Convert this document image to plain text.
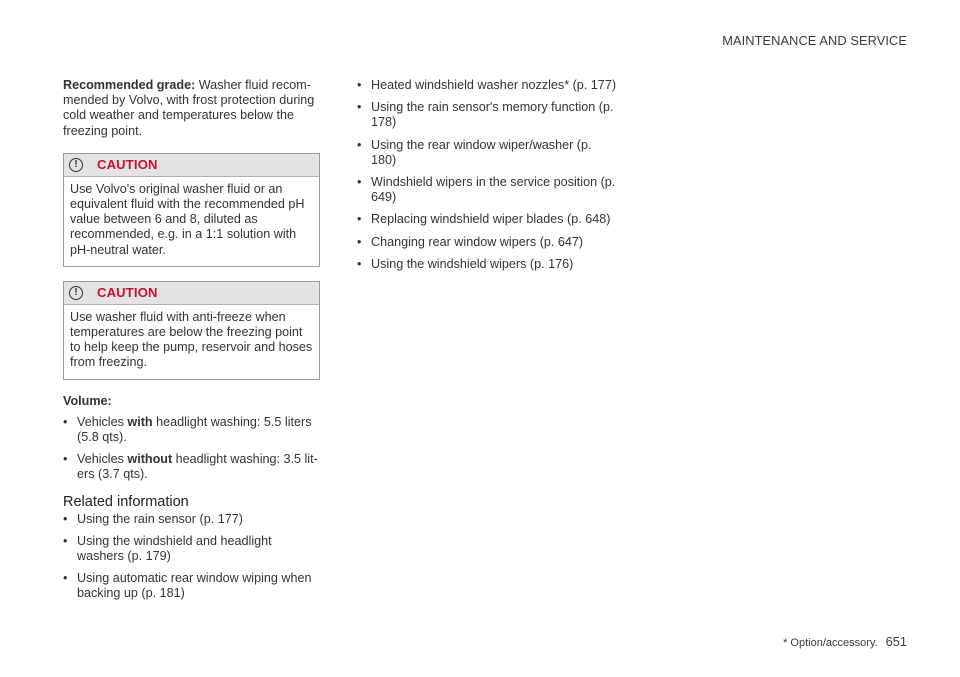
MAINTENANCE AND SERVICE

Recommended grade: Washer fluid recommended by Volvo, with frost protection during cold weather and temperatures below the freezing point.

!	CAUTION
Use Volvo's original washer fluid or an equivalent fluid with the recommended pH value between 6 and 8, diluted as recommended, e.g. in a 1:1 solution with pH-neutral water.
!	CAUTION
Use washer fluid with anti-freeze when temperatures are below the freezing point to help keep the pump, reservoir and hoses from freezing.

Volume:

• Vehicles with headlight washing: 5.5 liters (5.8 qts).
• Vehicles without headlight washing: 3.5 liters (3.7 qts).
Related information
• Using the rain sensor (p. 177)
• Using the windshield and headlight washers (p. 179)
• Using automatic rear window wiping when backing up (p. 181)
• Heated windshield washer nozzles* (p. 177)
• Using the rain sensor's memory function (p. 178)
• Using the rear window wiper/washer (p. 180)
• Windshield wipers in the service position (p. 649)
• Replacing windshield wiper blades (p. 648)
• Changing rear window wipers (p. 647)
• Using the windshield wipers (p. 176)
* Option/accessory. 651
